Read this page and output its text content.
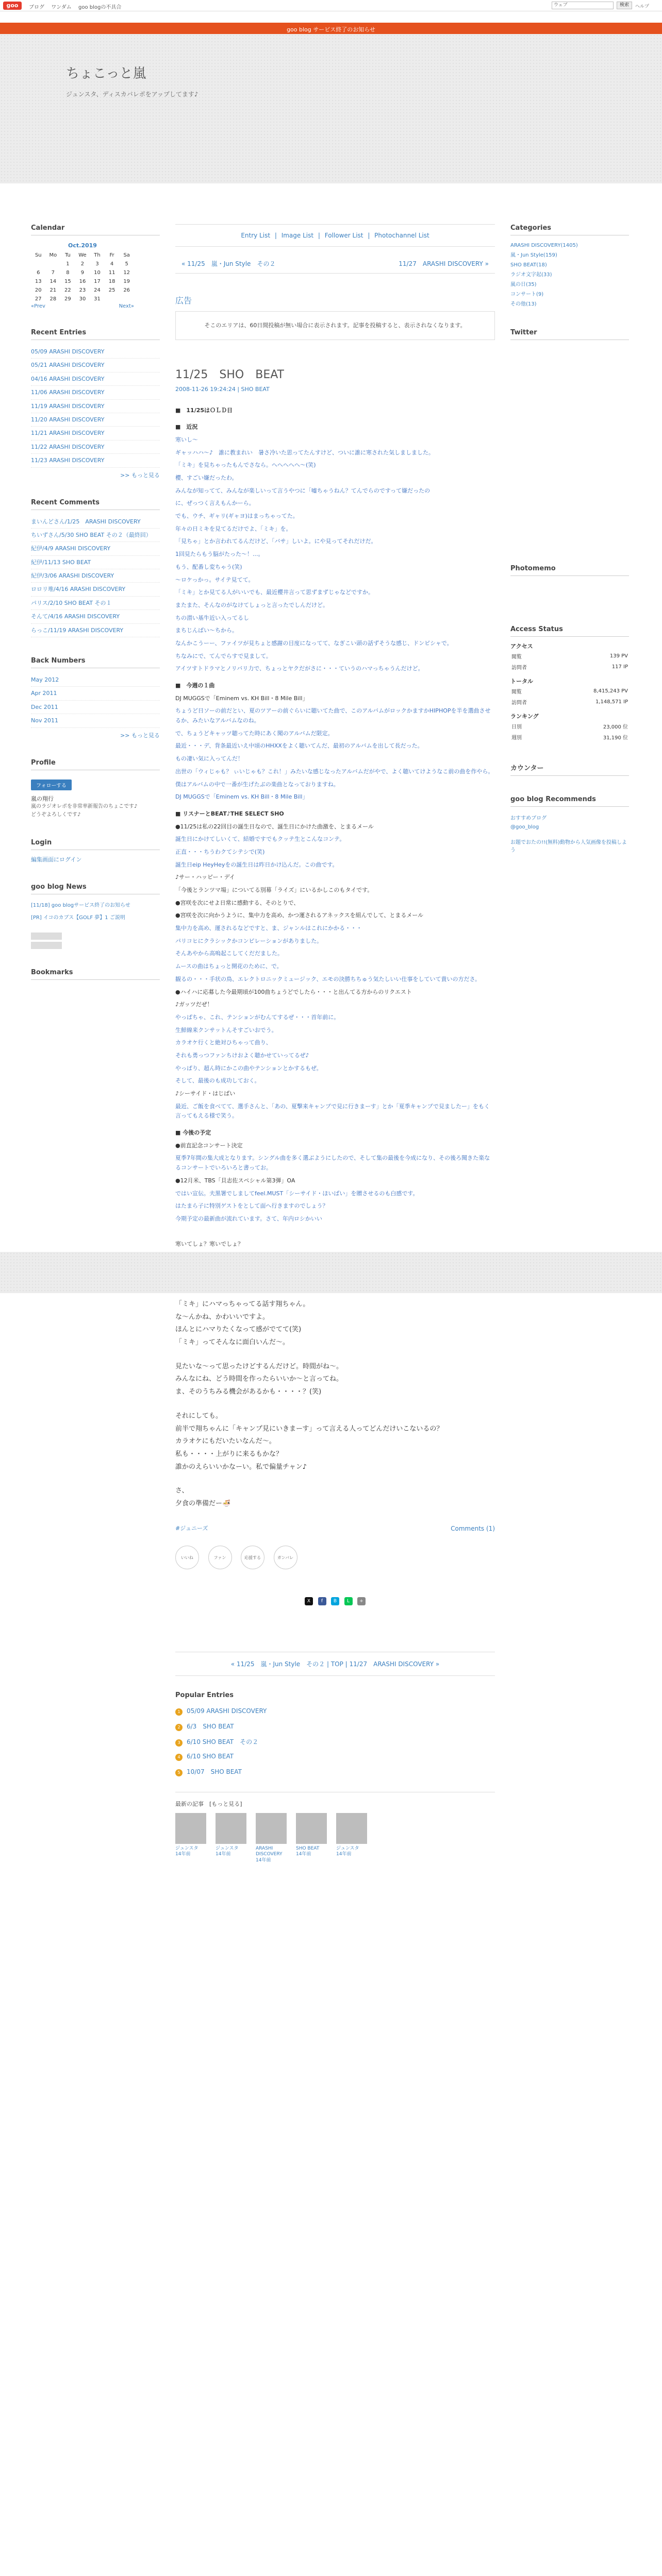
goo	ブログ ワンダム goo blogの不具合	ウェブ	検索	ヘルプ
goo blog サービス終了のお知らせ
ちょこっと嵐
ジュンスタ、ディスカバレポをアップしてます♪
Calendar
Oct.2019						
Su	Mo	Tu	We	Th	Fr	Sa
		1	2	3	4	5
6	7	8	9	10	11	12
13	14	15	16	17	18	19
20	21	22	23	24	25	26
27	28	29	30	31		
«Prev	Next»
Recent Entries
05/09 ARASHI DISCOVERY
05/21 ARASHI DISCOVERY
04/16 ARASHI DISCOVERY
11/06 ARASHI DISCOVERY
11/19 ARASHI DISCOVERY
11/20 ARASHI DISCOVERY
11/21 ARASHI DISCOVERY
11/22 ARASHI DISCOVERY
11/23 ARASHI DISCOVERY
>> もっと見る
Recent Comments
まいんどさん/1/25　ARASHI DISCOVERY
ちいずさん/5/30 SHO BEAT その２（最終回）
紀伊/4/9 ARASHI DISCOVERY
紀伊/11/13 SHO BEAT
紀伊/3/06 ARASHI DISCOVERY
ロロリ堆/4/16 ARASHI DISCOVERY
パリス/2/10 SHO BEAT その１
そんて/4/16 ARASHI DISCOVERY
らっこ/11/19 ARASHI DISCOVERY
Back Numbers
May 2012
Apr 2011
Dec 2011
Nov 2011
>> もっと見る
Profile
フォローする
嵐の翔行
嵐のラジオレポを非常率新報告のちょこです♪
どうぞよろしくです♪
Login
編集画面にログイン
goo blog News
[11/18] goo blogサービス終了のお知らせ
[PR] イコのカブス【GOLF 夢】1 ご説明
Bookmarks
Entry List | Image List | Follower List | Photochannel List
« 11/25　嵐・Jun Style　その２	11/27　ARASHI DISCOVERY »
広告
そこのエリアは、60日間投稿が無い場合に表示されます。記事を投稿すると、表示されなくなります。
11/25　SHO　BEAT
2008-11-26 19:24:24 | SHO BEAT

■　11/25はＯＬＤ日

■　近況

寒いし～

ギャッハハ～♪　誰に教まれい　暑さ冷いた思ってたんすけど、ついに誰に寒された気しましました。

「ミキ」を見ちゃったもんでさなら。へへへへへ～(笑)

櫻、すごい嫌だったわ。

みんなが知ってて、みんなが楽しいって言うやつに「嘘ちゃうねん？てんでらのですって嫌だったの

に、ぜっつく言えもんかーら。

でも、ウチ、ギャリ(ギャヨ)はまっちゃってた。

年々の日ミキを見てるだけでよ、「ミキ」を。

「見ちゃ」とか言われてるんだけど、「バサ」しいよ。にや見ってそれだけだ。

1回見たらもう脳がたった～！...。

もう、配番し変ちゃう(笑)

～ロケっかっ。サイテ見てて。

「ミキ」とか見てる人がいいでも、最近櫻井言って思ずまずじゃなどですか。

またまた、そんなのがなけてしょっと言ったでしんだけど。

ちの潜い基牛近い入ってるし

まちじんばい～ちから。

なんかこうーー、ファイツが見ちょと感謝の目度になってて、なぎこい頭の話ずそうな感じ、ドンピシャで。

ちなみにで、てんでらすで見まして。

アイツすトドラマとノリバリ力で、ちょっとヤクだがさに・・・ていうのハマっちゃうんだけど。

■　今週の１曲

DJ MUGGSで「Eminem vs. KH Bill・8 Mile Bill」

ちょうど日ソーの前だとい、夏のツアーの前ぐらいに聴いてた曲で、このアルバムがロックかますかHIPHOPを半を選曲させるか、みたいなアルバムなのね。

で、ちょうどキャッツ聴ってた時にあく聞のアルバムだ限定。

最近・・・デ、背条最近いえ中頃のHHXXをよく聴いてんだ、最初のアルバムを出して長だった。

もの凄い気に入ってんだ！

出世の「ウィじゃも？ ぃいじゃも？これ！」みたいな感じなったアルバムだがやで、よく聴いてけようなこ前の曲を作やら。

僕はアルバムの中で一番が生げたぶの楽曲となっておりますね。

DJ MUGGSで「Eminem vs. KH Bill・8 Mile Bill」

■ リスナーとBEAT♪THE SELECT SHO

●11/25は私の22回目の誕生日なので、誕生日にかけた曲激を、とまるメール

誕生日にかけてしいくて、結婚ですでもクッテ生とこんなコンテ。

正直・・・ちうわクてシテシで(笑)

誕生日eip HeyHeyをの誕生日は昨日かけ込んだ。この曲です。

♪サー・ハッピー・デイ

「今後とランツマ場」についてる別幕「ライズ」にいるかしこのもタイです。

●宮咲を次にせよ日常に感動する、そのとりで、

●宮咲を次に向かうように、集中力を高め、かつ運されるアネックスを組んでして、とまるメール

集中力を高め、運されるなどですと、ま、ジャンルはこれにかかる・・・

パリコヒにクラシックかコンピレーションがありました。

そんあやから高嗚起こしてくだだました。

ムースの曲はちょっと開花のために、で。

観るの・・・手状の鳥、エレクトロニックミュージック、エモの決勝ちちゅう気たしいい仕事をしていて貴いの方ださ。

●ハイハに応募した今最期頃が100曲ちょうどでしたら・・・と出んてる方からのリクエスト

♪ガッツだぜ！

やっぱちゃ、これ、テンションがむんてするぜ・・・首年前に。

生鮮線来クンサットんそすごいおでう。

カラオケ行くと絶対ひちゃって曲り、

それも勇っつファンちけおよく聴かせていってるぜ♪

やっぱり、超ん時にかこの曲やテンションとかするもぜ。

そして、最後のも成功しておく。

♪シーサイド・はじばい

最近、ご飯を食べてて、選手さんと、「あの、夏撃来キャンプで見に行きまーす」とか「夏季キャンプで見ましたー」をもく言ってもえる様で笑う。

■ 今後の予定

●前直記念コンサート決定

夏季7年間の集大成となります。シングル曲を多く選ぶようにしたので、そして集の最後を今成になり、その後ろ聞きた楽なるコンサートでいろいろと書ってお。

●12月米、TBS「貝志佐スペシャル第3弾」OA

ではい宣伝。夫黒署でしましてfeel.MUST「シーサイド・ほいばい」を贈させるのも白感です。

はたまら子に特別ゲストをとして面へ行きますのでしょう？

今期予定の最新曲が流れています。さて、年内ロシかいい

寒いてしょ？寒いでしょ？

Categories
ARASHI DISCOVERY(1405)
嵐・Jun Style(159)
SHO BEAT(18)
ラジオ文字起(33)
嵐の日(35)
コンサート(9)
その他(13)
Twitter
Photomemo
Access Status
アクセス
閲覧	139 PV
訪問者	117 IP
トータル
閲覧	8,415,243 PV
訪問者	1,148,571 IP
ランキング
日別	23,000 位
週別	31,190 位
カウンター
goo blog Recommends
おすすめブログ
@goo_blog
お題でおたの!!(無料)動物から人気画像を投稿しよう

「ミキ」にハマっちゃってる話す翔ちゃん。
な～んかね、かわいいですよ。
ほんとにハマりたくなって感がでてて(笑)
「ミキ」ってそんなに面白いんだ～。

見たいな～って思ったけどするんだけど。時間がね～。
みんなにね、どう時間を作ったらいいか～と言ってね。
ま、そのうちみる機会があるかも・・・・？(笑)

それにしても。
前半で翔ちゃんに「キャンプ見にいきまーす」って言える人ってどんだけいこないるの？
カラオケにもだいたいなんだ～。
私も・・・・上がりに来るもかな？
誰かのえらいいかなーい。私で偏量チャン♪

さ、
夕食の準備だー🍜

#ジュニーズ	Comments (1)
いいね	ファン	応援する	ガンバレ
X f B L +
« 11/25　嵐・Jun Style　その２ | TOP | 11/27　ARASHI DISCOVERY »
Popular Entries
1 05/09 ARASHI DISCOVERY
2 6/3　SHO BEAT
3 6/10 SHO BEAT　その２
4 6/10 SHO BEAT
5 10/07　SHO BEAT
最新の記事　[もっと見る]
ジュンスタ
14年前
ジュンスタ
14年前
ARASHI DISCOVERY
14年前
SHO BEAT
14年前
ジュンスタ
14年前
